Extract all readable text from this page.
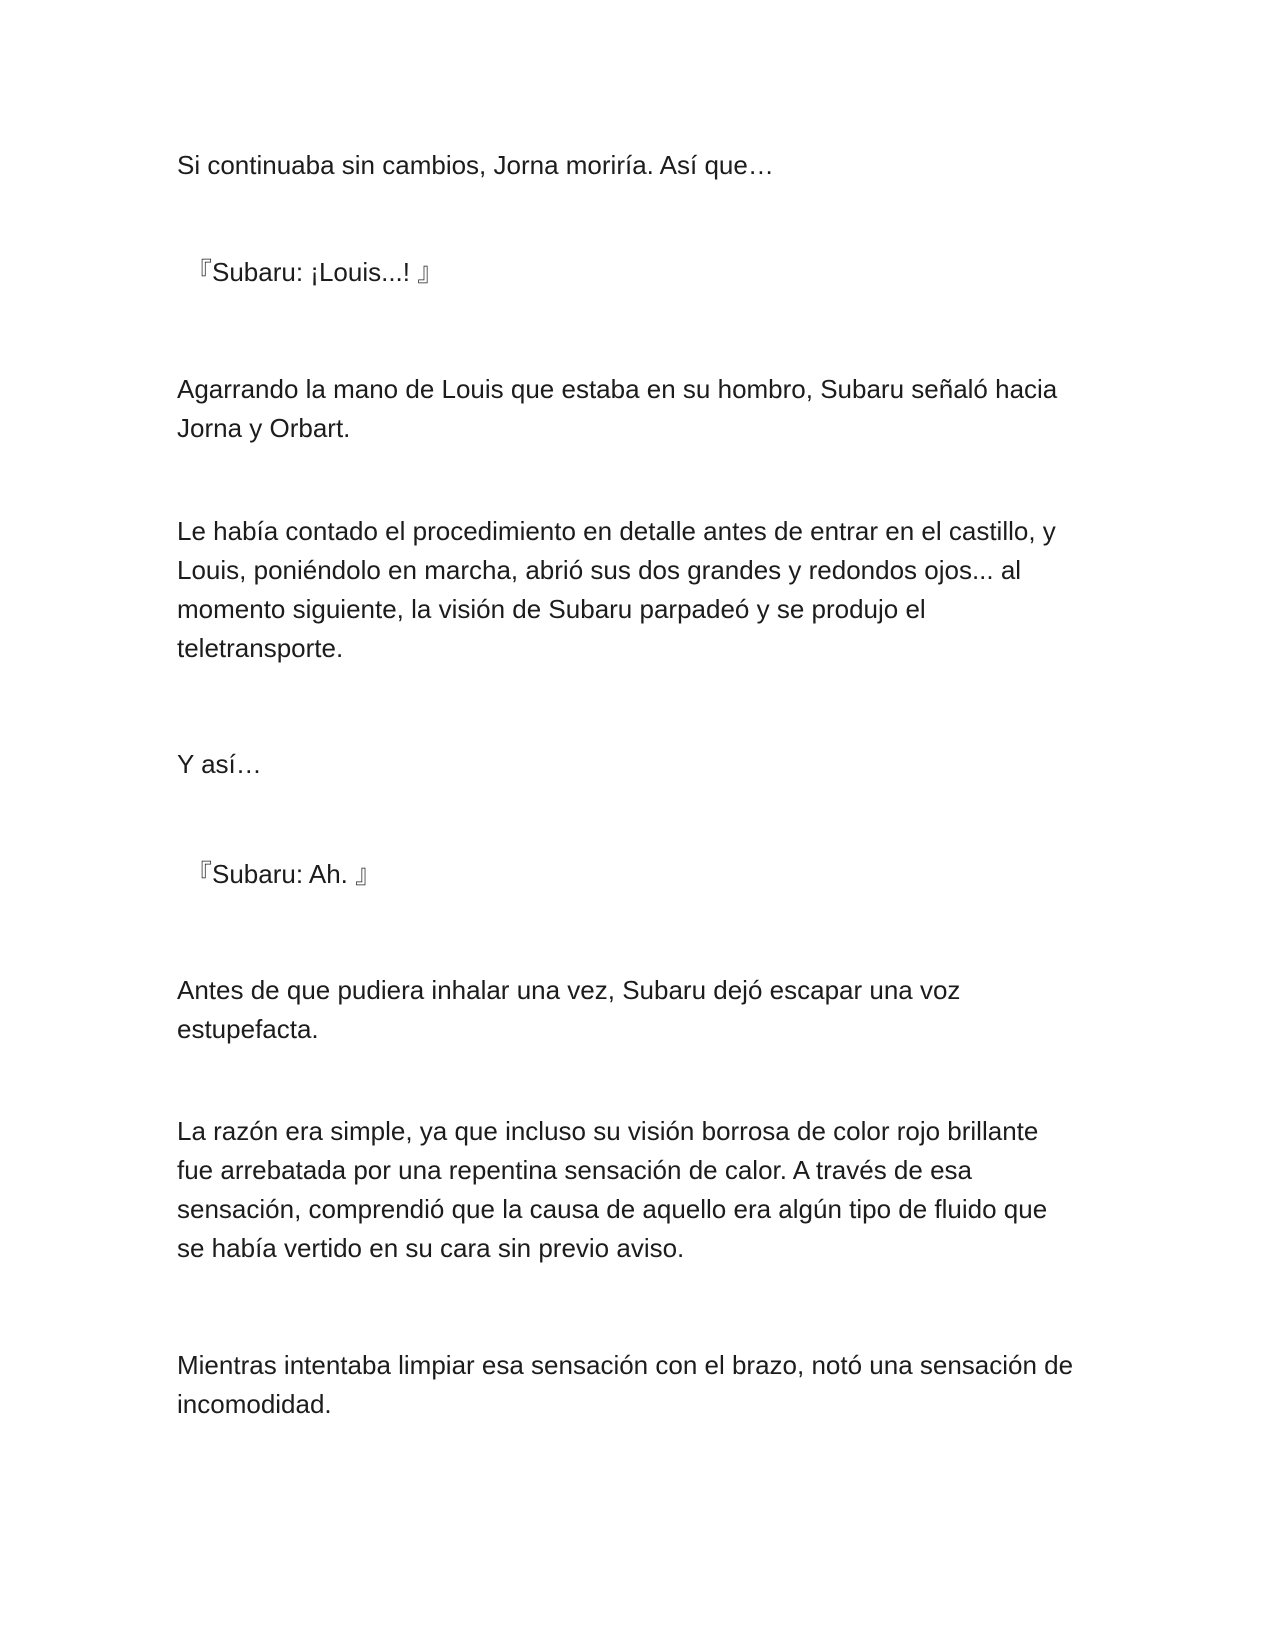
Si continuaba sin cambios, Jorna moriría. Así que…

『Subaru: ¡Louis...! 』

Agarrando la mano de Louis que estaba en su hombro, Subaru señaló hacia
Jorna y Orbart.

Le había contado el procedimiento en detalle antes de entrar en el castillo, y
Louis, poniéndolo en marcha, abrió sus dos grandes y redondos ojos... al
momento siguiente, la visión de Subaru parpadeó y se produjo el
teletransporte.

Y así…

『Subaru: Ah. 』

Antes de que pudiera inhalar una vez, Subaru dejó escapar una voz
estupefacta.

La razón era simple, ya que incluso su visión borrosa de color rojo brillante
fue arrebatada por una repentina sensación de calor. A través de esa
sensación, comprendió que la causa de aquello era algún tipo de fluido que
se había vertido en su cara sin previo aviso.

Mientras intentaba limpiar esa sensación con el brazo, notó una sensación de
incomodidad.
